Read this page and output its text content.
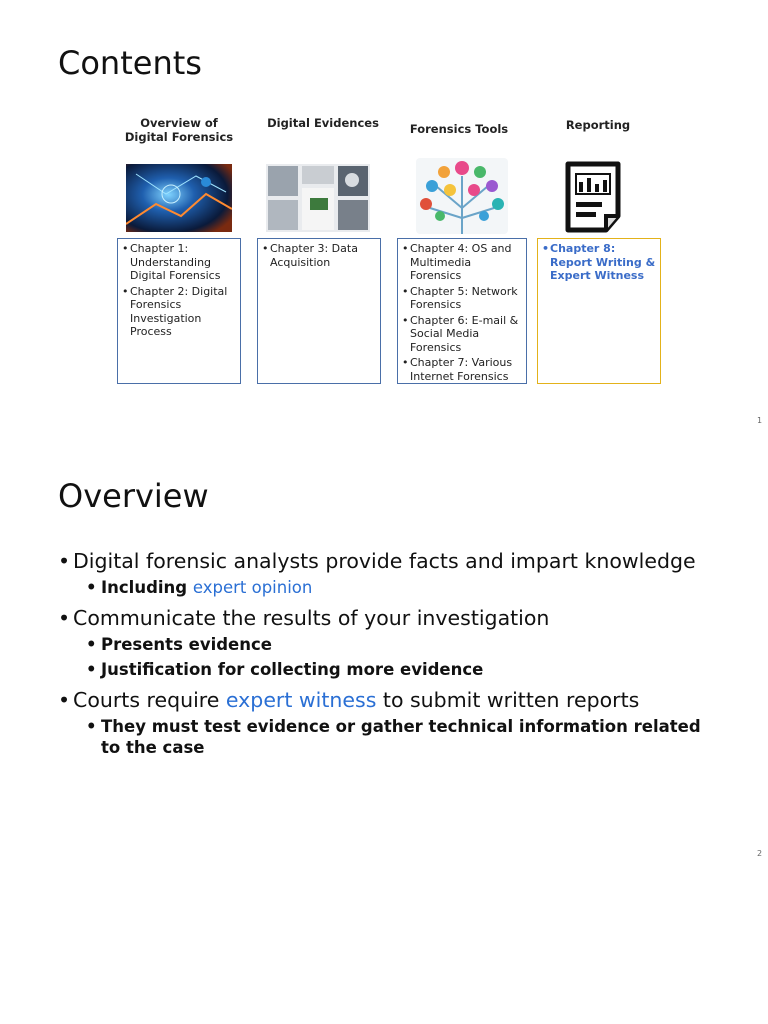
Contents
Overview of Digital Forensics
• Chapter 1: Understanding Digital Forensics
• Chapter 2: Digital Forensics Investigation Process
Digital Evidences
• Chapter 3: Data Acquisition
Forensics Tools
• Chapter 4: OS and Multimedia Forensics
• Chapter 5: Network Forensics
• Chapter 6: E-mail & Social Media Forensics
• Chapter 7: Various Internet Forensics
Reporting
• Chapter 8: Report Writing & Expert Witness
1
Overview
• Digital forensic analysts provide facts and impart knowledge
• Including expert opinion
• Communicate the results of your investigation
• Presents evidence
• Justification for collecting more evidence
• Courts require expert witness to submit written reports
• They must test evidence or gather technical information related to the case
2
